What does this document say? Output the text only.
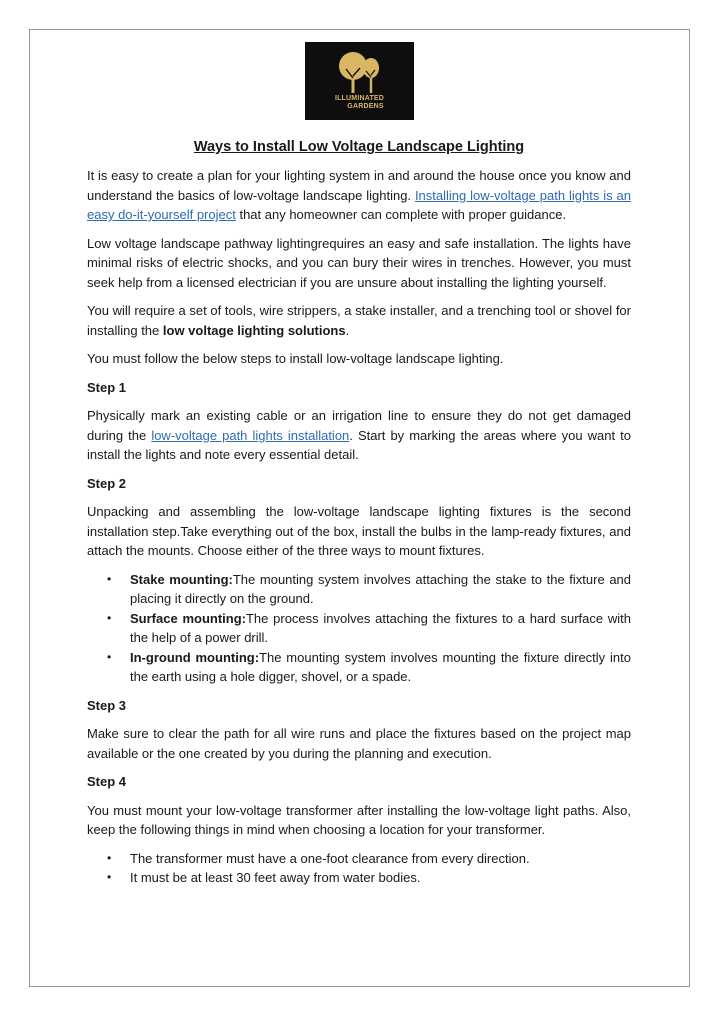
ILLUMINATED
GARDENS
Ways to Install Low Voltage Landscape Lighting

It is easy to create a plan for your lighting system in and around the house once you know and understand the basics of low-voltage landscape lighting. Installing low-voltage path lights is an easy do-it-yourself project that any homeowner can complete with proper guidance.

Low voltage landscape pathway lightingrequires an easy and safe installation. The lights have minimal risks of electric shocks, and you can bury their wires in trenches. However, you must seek help from a licensed electrician if you are unsure about installing the lighting yourself.

You will require a set of tools, wire strippers, a stake installer, and a trenching tool or shovel for installing the low voltage lighting solutions.

You must follow the below steps to install low-voltage landscape lighting.

Step 1

Physically mark an existing cable or an irrigation line to ensure they do not get damaged during the low-voltage path lights installation. Start by marking the areas where you want to install the lights and note every essential detail.

Step 2

Unpacking and assembling the low-voltage landscape lighting fixtures is the second installation step.Take everything out of the box, install the bulbs in the lamp-ready fixtures, and attach the mounts. Choose either of the three ways to mount fixtures.

• Stake mounting:The mounting system involves attaching the stake to the fixture and placing it directly on the ground.
• Surface mounting:The process involves attaching the fixtures to a hard surface with the help of a power drill.
• In-ground mounting:The mounting system involves mounting the fixture directly into the earth using a hole digger, shovel, or a spade.
Step 3

Make sure to clear the path for all wire runs and place the fixtures based on the project map available or the one created by you during the planning and execution.

Step 4

You must mount your low-voltage transformer after installing the low-voltage light paths. Also, keep the following things in mind when choosing a location for your transformer.

• The transformer must have a one-foot clearance from every direction.
• It must be at least 30 feet away from water bodies.
